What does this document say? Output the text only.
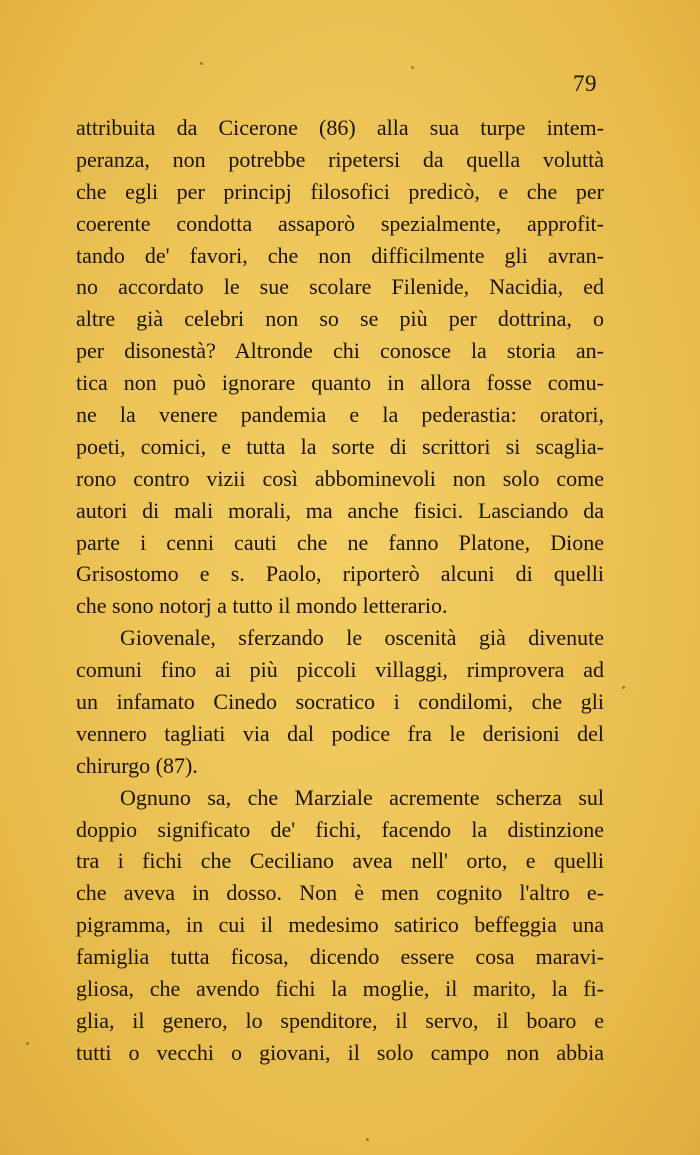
79
attribuita da Cicerone (86) alla sua turpe intem-
peranza, non potrebbe ripetersi da quella voluttà
che egli per principj filosofici predicò, e che per
coerente condotta assaporò spezialmente, approfit-
tando de' favori, che non difficilmente gli avran-
no accordato le sue scolare Filenide, Nacidia, ed
altre già celebri non so se più per dottrina, o
per disonestà? Altronde chi conosce la storia an-
tica non può ignorare quanto in allora fosse comu-
ne la venere pandemia e la pederastia: oratori,
poeti, comici, e tutta la sorte di scrittori si scaglia-
rono contro vizii così abbominevoli non solo come
autori di mali morali, ma anche fisici. Lasciando da
parte i cenni cauti che ne fanno Platone, Dione
Grisostomo e s. Paolo, riporterò alcuni di quelli
che sono notorj a tutto il mondo letterario.
Giovenale, sferzando le oscenità già divenute
comuni fino ai più piccoli villaggi, rimprovera ad
un infamato Cinedo socratico i condilomi, che gli
vennero tagliati via dal podice fra le derisioni del
chirurgo (87).
Ognuno sa, che Marziale acremente scherza sul
doppio significato de' fichi, facendo la distinzione
tra i fichi che Ceciliano avea nell' orto, e quelli
che aveva in dosso. Non è men cognito l'altro e-
pigramma, in cui il medesimo satirico beffeggia una
famiglia tutta ficosa, dicendo essere cosa maravi-
gliosa, che avendo fichi la moglie, il marito, la fi-
glia, il genero, lo spenditore, il servo, il boaro e
tutti o vecchi o giovani, il solo campo non abbia
